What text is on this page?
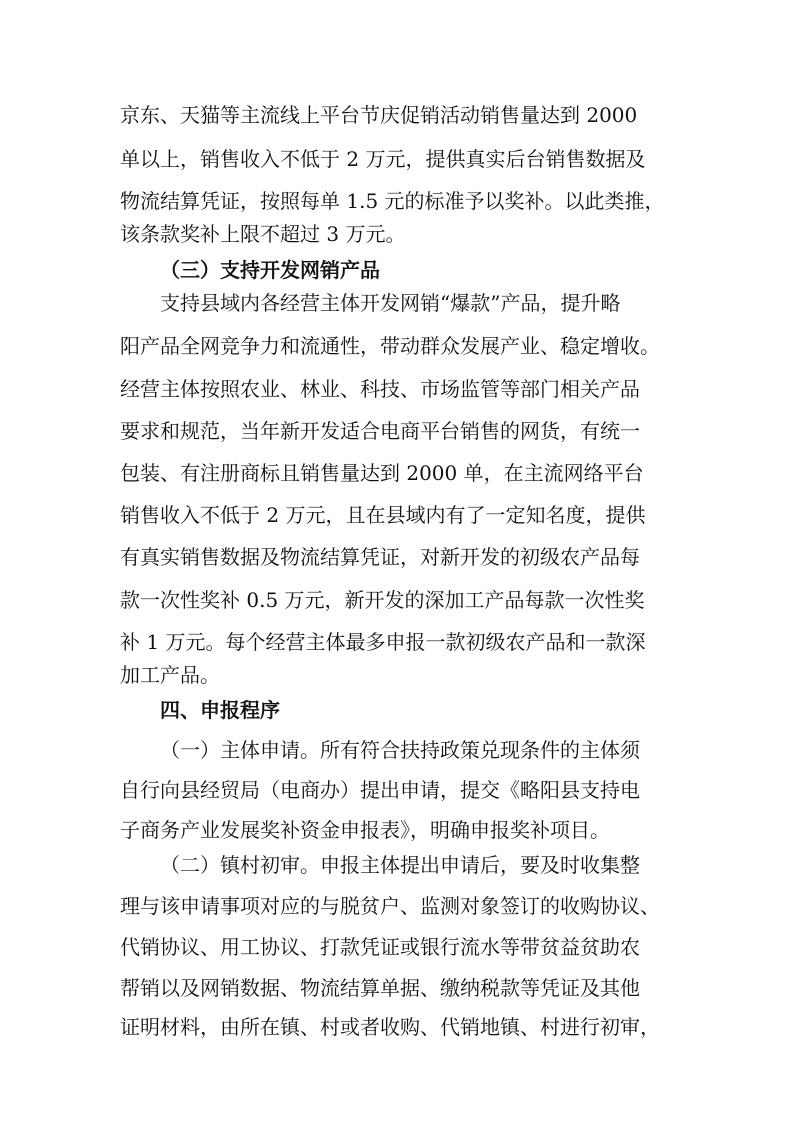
京东、天猫等主流线上平台节庆促销活动销售量达到 2000
单以上，销售收入不低于 2 万元，提供真实后台销售数据及
物流结算凭证，按照每单 1.5 元的标准予以奖补。以此类推，
该条款奖补上限不超过 3 万元。
（三）支持开发网销产品
支持县域内各经营主体开发网销“爆款”产品，提升略
阳产品全网竞争力和流通性，带动群众发展产业、稳定增收。
经营主体按照农业、林业、科技、市场监管等部门相关产品
要求和规范，当年新开发适合电商平台销售的网货，有统一
包装、有注册商标且销售量达到 2000 单，在主流网络平台
销售收入不低于 2 万元，且在县域内有了一定知名度，提供
有真实销售数据及物流结算凭证，对新开发的初级农产品每
款一次性奖补 0.5 万元，新开发的深加工产品每款一次性奖
补 1 万元。每个经营主体最多申报一款初级农产品和一款深
加工产品。
四、申报程序
（一）主体申请。所有符合扶持政策兑现条件的主体须
自行向县经贸局（电商办）提出申请，提交《略阳县支持电
子商务产业发展奖补资金申报表》，明确申报奖补项目。
（二）镇村初审。申报主体提出申请后，要及时收集整
理与该申请事项对应的与脱贫户、监测对象签订的收购协议、
代销协议、用工协议、打款凭证或银行流水等带贫益贫助农
帮销以及网销数据、物流结算单据、缴纳税款等凭证及其他
证明材料，由所在镇、村或者收购、代销地镇、村进行初审，
